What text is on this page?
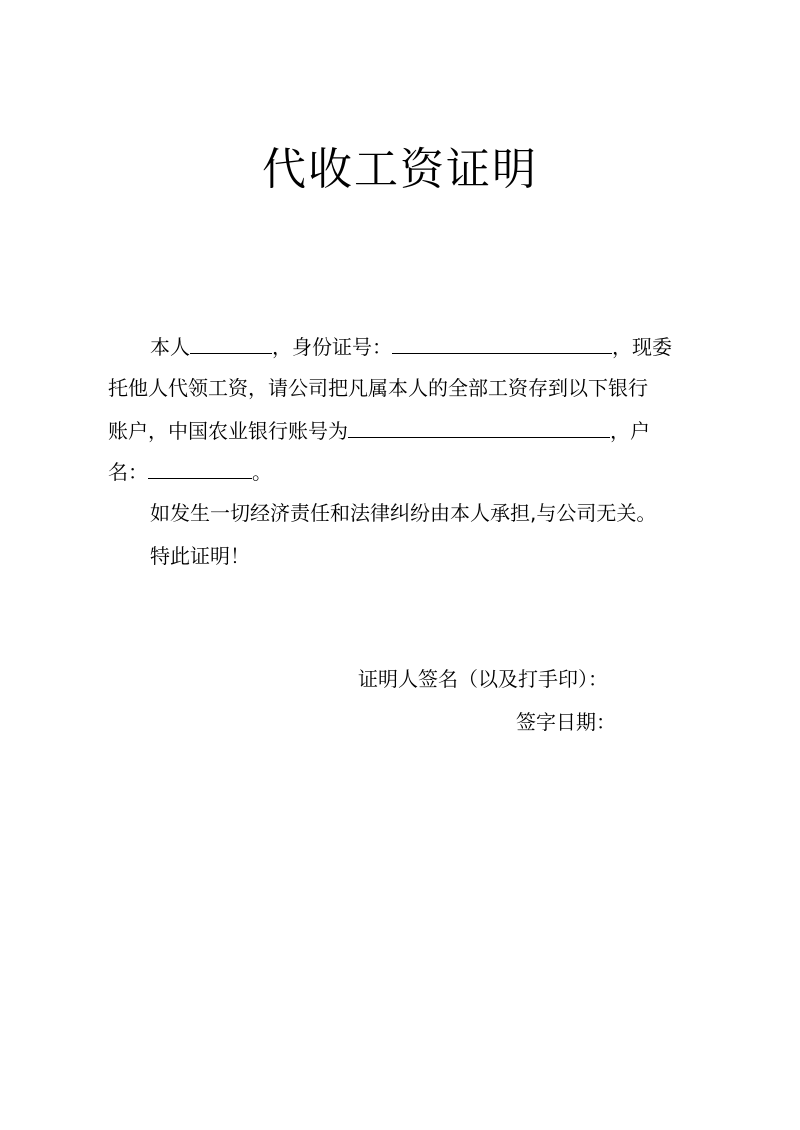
代收工资证明
本人	，身份证号：	，现委
托他人代领工资，请公司把凡属本人的全部工资存到以下银行
账户，中国农业银行账号为	，户
名：	。
如发生一切经济责任和法律纠纷由本人承担,与公司无关。
特此证明！
证明人签名（以及打手印）：
签字日期：
